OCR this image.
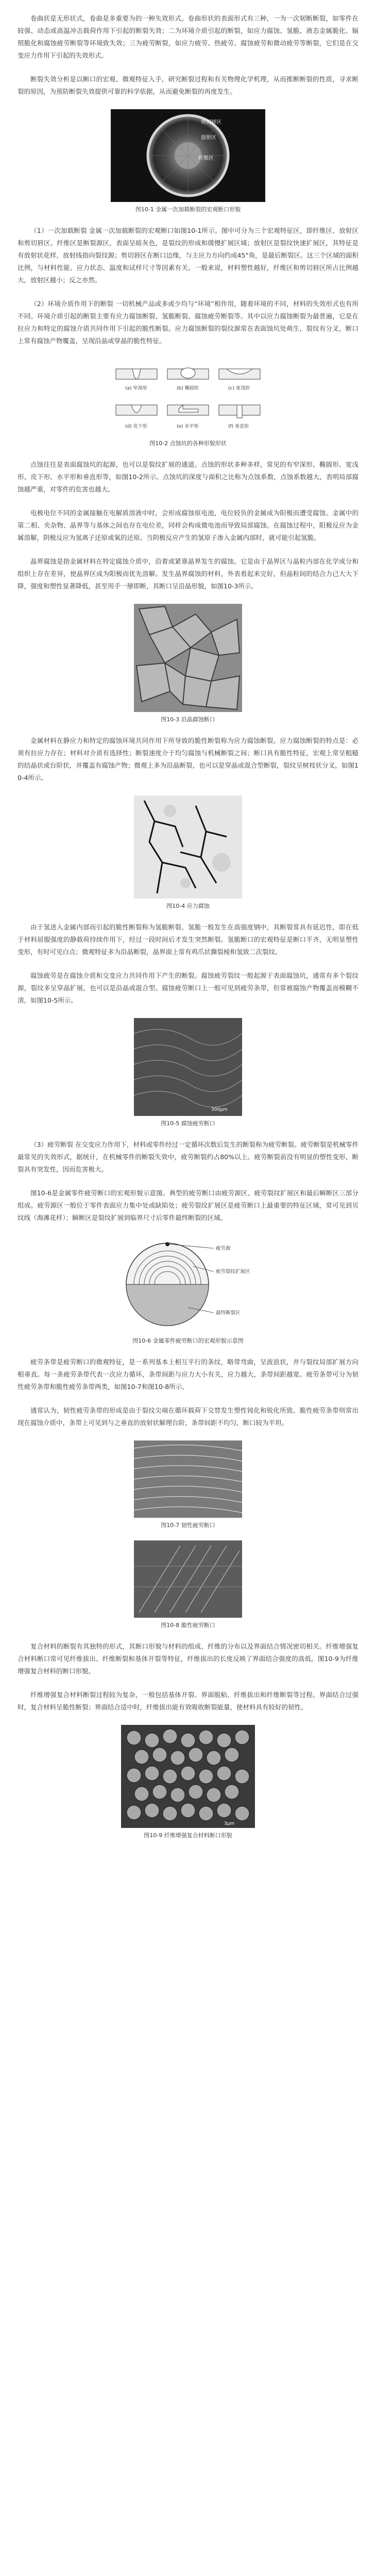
卷曲状是无形状式，卷曲是多重要为的一种失效形式。卷曲形状的表面形式有三种，一为一次韧断断裂，如零件在较强、动态或高温冲击载荷作用下引起的断裂失效；二为环境介质引起的断裂，如应力腐蚀、氢脆、液态金属脆化、辐照脆化和腐蚀疲劳断裂等环境致失效；三为疲劳断裂，如应力疲劳、热疲劳、腐蚀疲劳和微动疲劳等断裂，它们是在交变应力作用下引起的失效形式。

断裂失效分析是以断口的宏观、微观特征入手，研究断裂过程和有关物理化学机理，从而推断断裂的性质，寻求断裂的原因，为预防断裂失效提供可靠的科学依据，从而避免断裂的再度发生。

剪切唇区
放射区
纤维区
图10-1 金属一次加载断裂的宏观断口形貌

（1）一次加载断裂 金属一次加载断裂的宏观断口如图10-1所示。图中可分为三个宏观特征区，即纤维区、放射区和剪切唇区。纤维区是断裂源区，表面呈暗灰色，是裂纹的形成和缓慢扩展区域；放射区是裂纹快速扩展区，其特征是有放射状花样，放射线指向裂纹源；剪切唇区在断口边缘，与主应力方向约成45°角，是最后断裂区。这三个区域的面积比例，与材料性能、应力状态、温度和试样尺寸等因素有关。一般来说，材料塑性越好，纤维区和剪切唇区所占比例越大，放射区越小；反之亦然。

（2）环境介质作用下的断裂 一切机械产品或多或少均与“环境”相作用，随着环境的不同，材料的失效形式也有所不同。环境介质引起的断裂主要有应力腐蚀断裂、氢脆断裂、腐蚀疲劳断裂等。其中以应力腐蚀断裂为最普遍，它是在拉应力和特定的腐蚀介质共同作用下引起的脆性断裂。应力腐蚀断裂的裂纹源常在表面蚀坑处萌生，裂纹有分叉，断口上常有腐蚀产物覆盖，呈现沿晶或穿晶的脆性特征。

(a) 窄深形	(b) 椭圆形	(c) 宽浅形
(d) 皮下形	(e) 水平形	(f) 垂直形
图10-2 点蚀坑的各种形貌形状

点蚀往往是表面腐蚀坑的起源，也可以是裂纹扩展的通道。点蚀的形状多种多样，常见的有窄深形、椭圆形、宽浅形、皮下形、水平形和垂直形等，如图10-2所示。点蚀坑的深度与面积之比称为点蚀系数，点蚀系数越大，表明局部腐蚀越严重，对零件的危害也越大。

电极电位不同的金属接触在电解质溶液中时，会形成腐蚀原电池，电位较负的金属成为阳极而遭受腐蚀。金属中的第二相、夹杂物、晶界等与基体之间也存在电位差，同样会构成微电池而导致局部腐蚀。在腐蚀过程中，阳极反应为金属溶解，阴极反应为氢离子还原或氧的还原。当阴极反应产生的氢原子渗入金属内部时，就可能引起氢脆。

晶界腐蚀是指金属材料在特定腐蚀介质中，沿着或紧靠晶界发生的腐蚀。它是由于晶界区与晶粒内部在化学成分和组织上存在差异，使晶界区成为阳极而优先溶解。发生晶界腐蚀的材料，外表看起来完好，但晶粒间的结合力已大大下降，强度和塑性显著降低，甚至用手一掰即断，其断口呈沿晶形貌，如图10-3所示。

图10-3 沿晶腐蚀断口

金属材料在静应力和特定的腐蚀环境共同作用下所导致的脆性断裂称为应力腐蚀断裂。应力腐蚀断裂的特点是：必须有拉应力存在；材料对介质有选择性；断裂速度介于均匀腐蚀与机械断裂之间；断口具有脆性特征，宏观上常呈粗糙的结晶状或台阶状，并覆盖有腐蚀产物；微观上多为沿晶断裂，也可以是穿晶或混合型断裂，裂纹呈树枝状分叉，如图10-4所示。

图10-4 应力腐蚀

由于氢进入金属内部而引起的脆性断裂称为氢脆断裂。氢脆一般发生在高强度钢中，其断裂常具有延迟性，即在低于材料屈服强度的静载荷持续作用下，经过一段时间后才发生突然断裂。氢脆断口的宏观特征是断口平齐，无明显塑性变形，有时可见白点；微观特征多为沿晶断裂，晶界面上常有鸡爪状撕裂棱和氢致二次裂纹。

腐蚀疲劳是在腐蚀介质和交变应力共同作用下产生的断裂。腐蚀疲劳裂纹一般起源于表面腐蚀坑，通常有多个裂纹源，裂纹多呈穿晶扩展，也可以是沿晶或混合型。腐蚀疲劳断口上一般可见到疲劳条带，但常被腐蚀产物覆盖而模糊不清，如图10-5所示。

300μm
图10-5 腐蚀疲劳断口

（3）疲劳断裂 在交变应力作用下，材料或零件经过一定循环次数后发生的断裂称为疲劳断裂。疲劳断裂是机械零件最常见的失效形式，据统计，在机械零件的断裂失效中，疲劳断裂约占80%以上。疲劳断裂前没有明显的塑性变形，断裂具有突发性，因而危害极大。

图10-6是金属零件疲劳断口的宏观形貌示意图。典型的疲劳断口由疲劳源区、疲劳裂纹扩展区和最后瞬断区三部分组成。疲劳源区一般位于零件表面应力集中处或缺陷处；疲劳裂纹扩展区是疲劳断口上最重要的特征区域，常可见到贝纹线（海滩花样）；瞬断区是裂纹扩展到临界尺寸后零件最终断裂的区域。

疲劳源
疲劳裂纹扩展区
最终断裂区
图10-6 金属零件疲劳断口的宏观形貌示意图

疲劳条带是疲劳断口的微观特征，是一系列基本上相互平行的条纹，略带弯曲，呈波浪状，并与裂纹局部扩展方向相垂直。每一条疲劳条带代表一次应力循环，条带间距与应力大小有关，应力越大，条带间距越宽。疲劳条带可分为韧性疲劳条带和脆性疲劳条带两类，如图10-7和图10-8所示。

通常认为，韧性疲劳条带的形成是由于裂纹尖端在循环载荷下交替发生塑性钝化和锐化所致。脆性疲劳条带则常出现在腐蚀介质中，条带上可见到与之垂直的放射状解理台阶，条带间距不均匀，断口较为平坦。

图10-7 韧性疲劳断口
图10-8 脆性疲劳断口

复合材料的断裂有其独特的形式，其断口形貌与材料的组成、纤维的分布以及界面结合情况密切相关。纤维增强复合材料断口常可见纤维拔出、纤维断裂和基体开裂等特征，纤维拔出的长度反映了界面结合强度的高低。图10-9为纤维增强复合材料的断口形貌。

纤维增强复合材料断裂过程较为复杂，一般包括基体开裂、界面脱粘、纤维拔出和纤维断裂等过程。界面结合过强时，复合材料呈脆性断裂；界面结合适中时，纤维拔出能有效吸收断裂能量，使材料具有较好的韧性。

3μm
图10-9 纤维增强复合材料断口形貌
